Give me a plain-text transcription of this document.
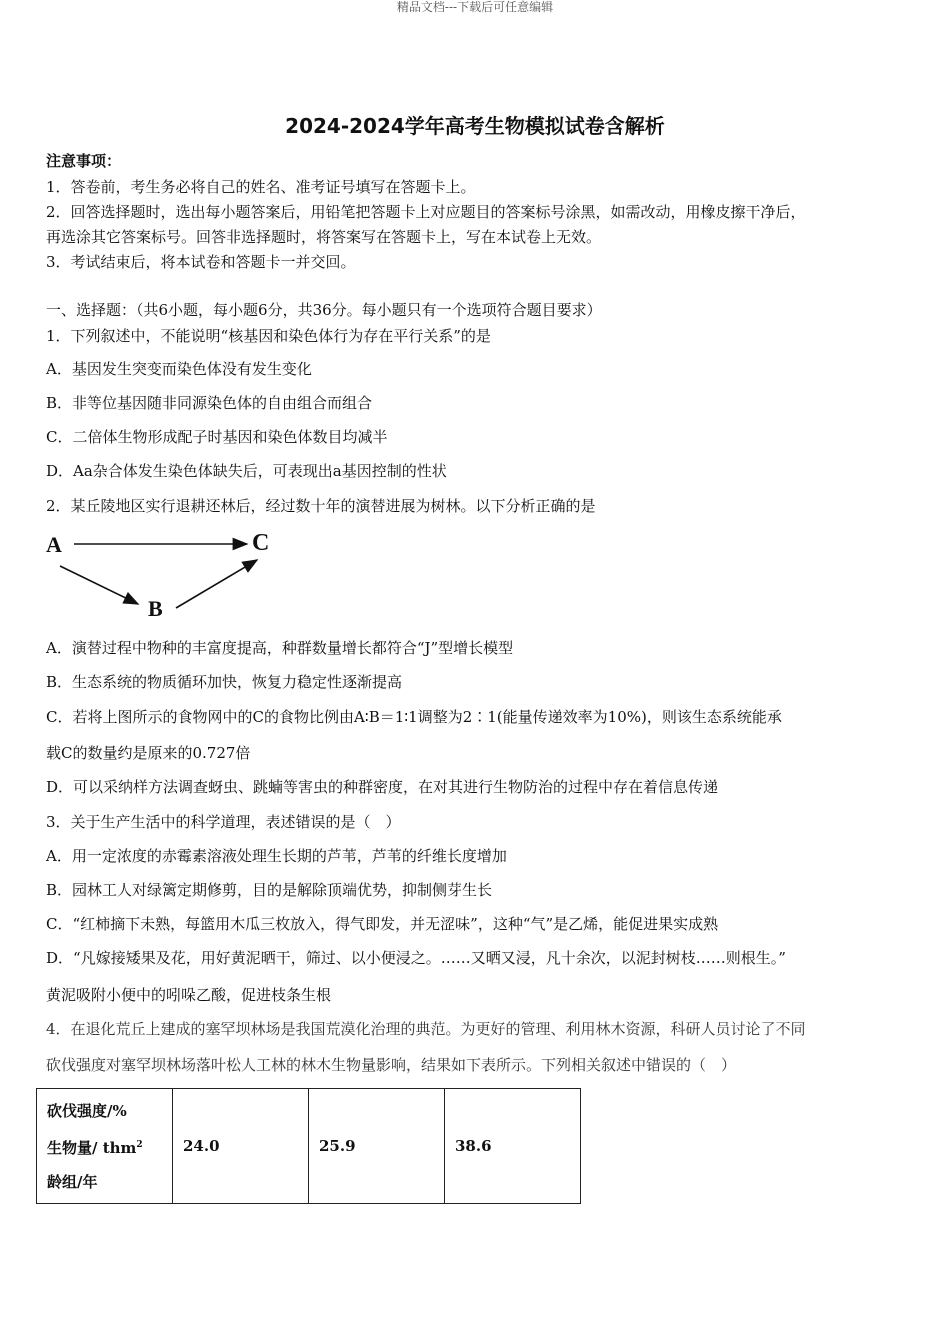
精品文档---下载后可任意编辑
2024-2024学年高考生物模拟试卷含解析
注意事项：
1．答卷前，考生务必将自己的姓名、准考证号填写在答题卡上。
2．回答选择题时，选出每小题答案后，用铅笔把答题卡上对应题目的答案标号涂黑，如需改动，用橡皮擦干净后，
再选涂其它答案标号。回答非选择题时，将答案写在答题卡上，写在本试卷上无效。
3．考试结束后，将本试卷和答题卡一并交回。
一、选择题：（共6小题，每小题6分，共36分。每小题只有一个选项符合题目要求）
1．下列叙述中，不能说明“核基因和染色体行为存在平行关系”的是
A．基因发生突变而染色体没有发生变化
B．非等位基因随非同源染色体的自由组合而组合
C．二倍体生物形成配子时基因和染色体数目均减半
D．Aa杂合体发生染色体缺失后，可表现出a基因控制的性状
2．某丘陵地区实行退耕还林后，经过数十年的演替进展为树林。以下分析正确的是
A	C
B
A．演替过程中物种的丰富度提高，种群数量增长都符合“J”型增长模型
B．生态系统的物质循环加快，恢复力稳定性逐渐提高
C．若将上图所示的食物网中的C的食物比例由A∶B＝1∶1调整为2∶1(能量传递效率为10%)，则该生态系统能承
载C的数量约是原来的0.727倍
D．可以采纳样方法调查蚜虫、跳蝻等害虫的种群密度，在对其进行生物防治的过程中存在着信息传递
3．关于生产生活中的科学道理，表述错误的是（　）
A．用一定浓度的赤霉素溶液处理生长期的芦苇，芦苇的纤维长度增加
B．园林工人对绿篱定期修剪，目的是解除顶端优势，抑制侧芽生长
C．“红柿摘下未熟，每篮用木瓜三枚放入，得气即发，并无涩味”，这种“气”是乙烯，能促进果实成熟
D．“凡嫁接矮果及花，用好黄泥晒干，筛过、以小便浸之。……又晒又浸，凡十余次，以泥封树枝……则根生。”
黄泥吸附小便中的吲哚乙酸，促进枝条生根
4．在退化荒丘上建成的塞罕坝林场是我国荒漠化治理的典范。为更好的管理、利用林木资源，科研人员讨论了不同
砍伐强度对塞罕坝林场落叶松人工林的林木生物量影响，结果如下表所示。下列相关叙述中错误的（　）
砍伐强度/%
生物量/ thm$^2$
龄组/年
	24.0	25.9	38.6
